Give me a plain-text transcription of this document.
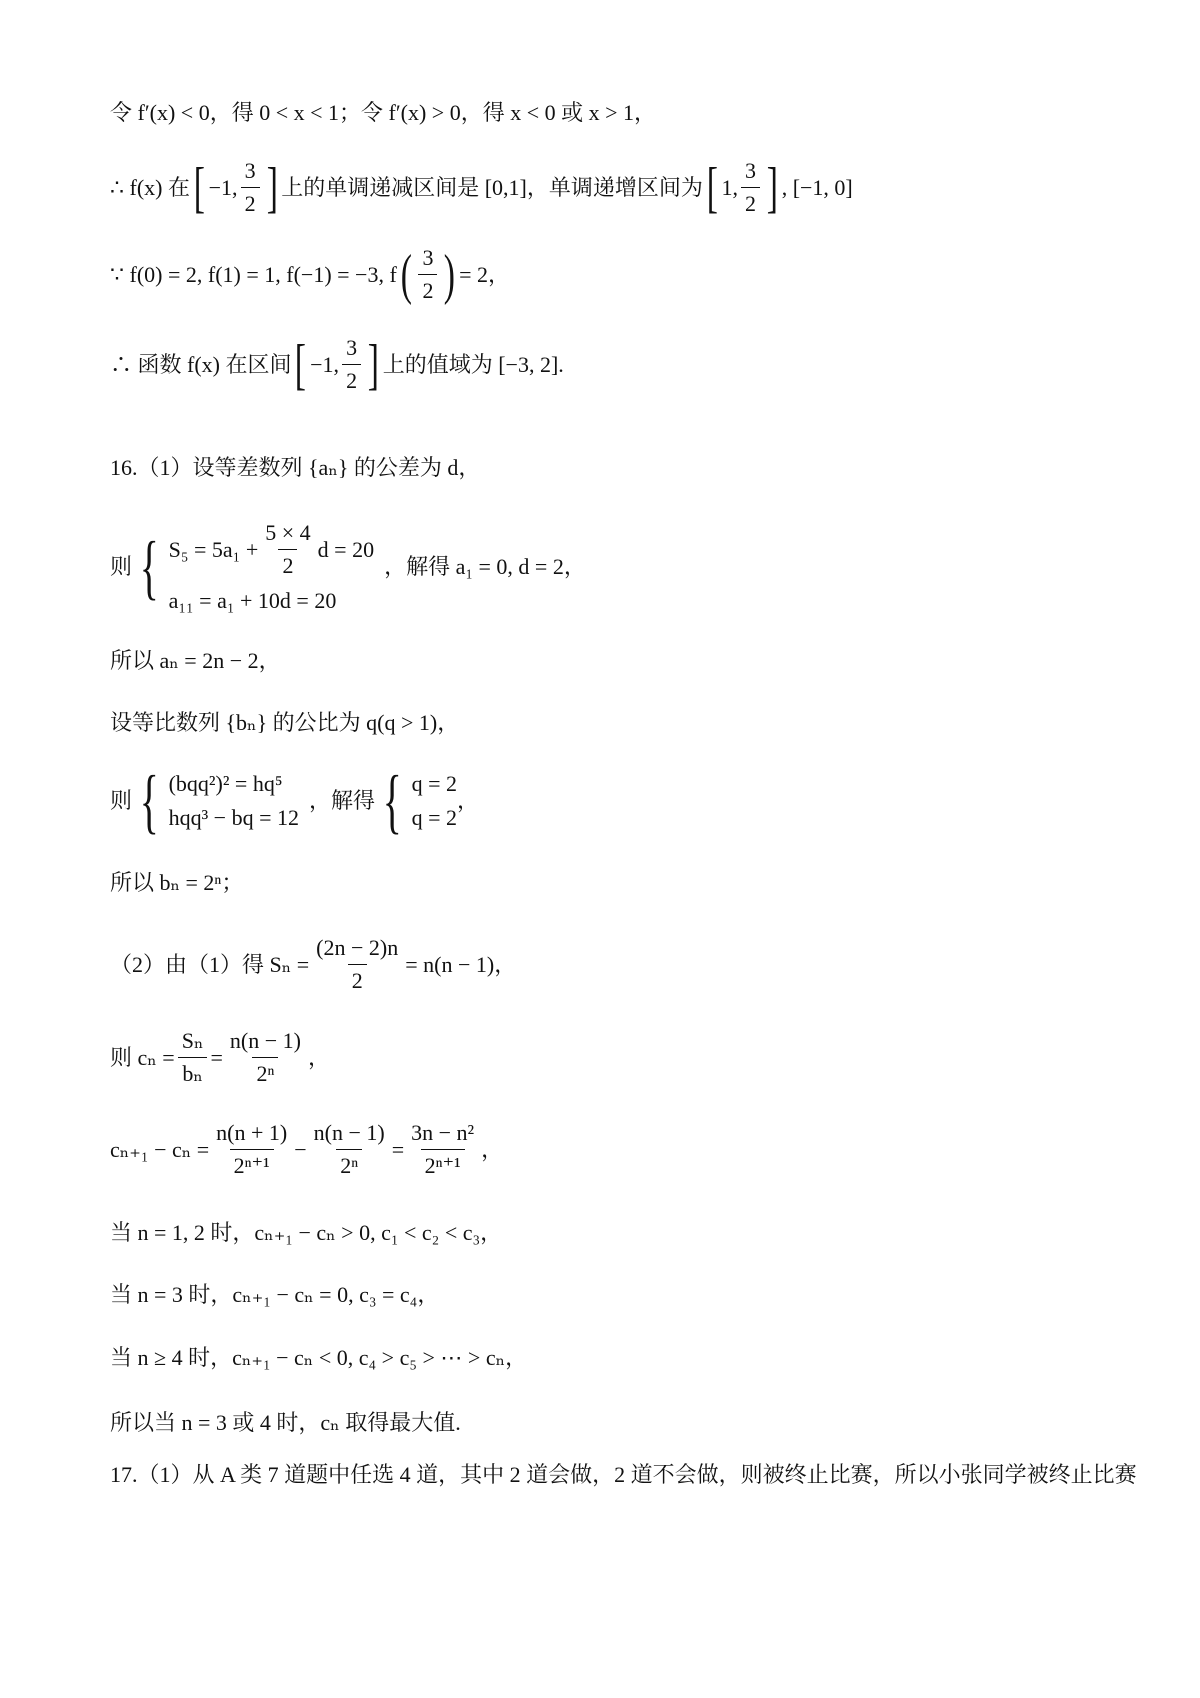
令 f′(x) < 0，得 0 < x < 1；令 f′(x) > 0，得 x < 0 或 x > 1，
∴ f(x) 在 [ −1, $\frac{3}{2}$ ] 上的单调递减区间是 [0,1]，单调递增区间为 [ 1, $\frac{3}{2}$ ] , [−1, 0]
∵ f(0) = 2, f(1) = 1, f(−1) = −3, f ( $\frac{3}{2}$ ) = 2，
∴ 函数 f(x) 在区间 [ −1, $\frac{3}{2}$ ] 上的值域为 [−3, 2].
16.（1）设等差数列 {aₙ} 的公差为 d，
则 { $S_5 = 5a_1 + \frac{5 \times 4}{2}$ d = 20
a₁₁ = a₁ + 10d = 20
，解得 a₁ = 0, d = 2，
所以 aₙ = 2n − 2，
设等比数列 {bₙ} 的公比为 q(q > 1)，
则 { (bqq²)² = hq⁵
hqq³ − bq = 12
，解得 { q = 2
q = 2
，
所以 bₙ = 2ⁿ；
（2）由（1）得 $S_n = \frac{(2n - 2)n}{2} = n(n - 1)$，
则 $c_n = \frac{\text{Sₙ}}{\text{bₙ}} = \frac{n(n - 1)}{\text{2ⁿ}}$ ，
$c_{n+1} - c_n = \frac{n(n + 1)}{\text{2ⁿ⁺¹}} - \frac{n(n - 1)}{\text{2ⁿ}} = \frac{\text{3n − n²}}{\text{2ⁿ⁺¹}}$ ，
当 n = 1, 2 时，cₙ₊₁ − cₙ > 0, c₁ < c₂ < c₃，
当 n = 3 时，cₙ₊₁ − cₙ = 0, c₃ = c₄，
当 n ≥ 4 时，cₙ₊₁ − cₙ < 0, c₄ > c₅ > ⋯ > cₙ，
所以当 n = 3 或 4 时，cₙ 取得最大值.
17.（1）从 A 类 7 道题中任选 4 道，其中 2 道会做，2 道不会做，则被终止比赛，所以小张同学被终止比赛
